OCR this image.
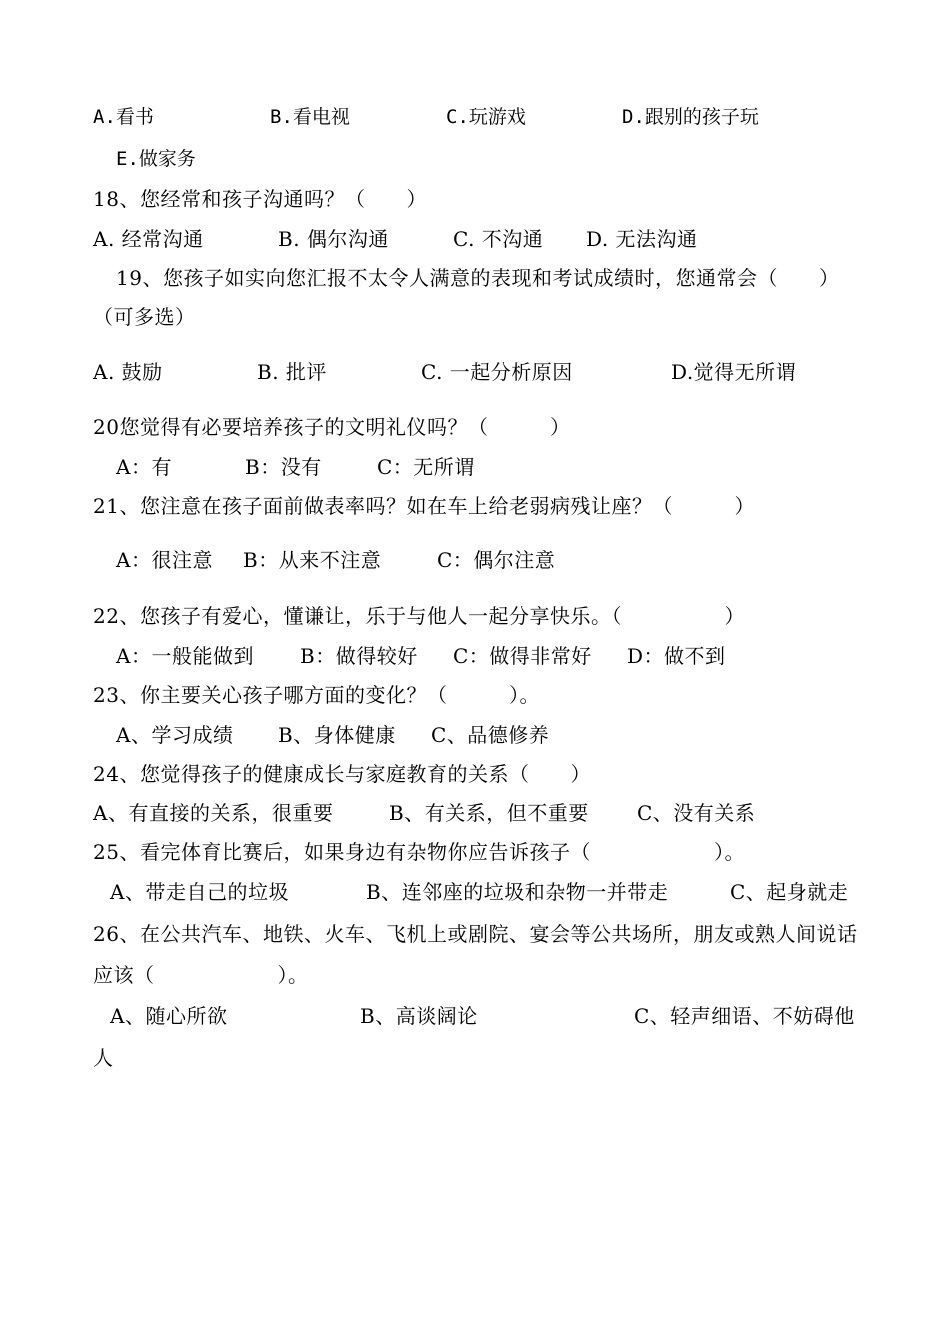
A.看书	B.看电视	C.玩游戏	D.跟别的孩子玩
E.做家务
18、您经常和孩子沟通吗？（　　）
A. 经常沟通	B. 偶尔沟通	C. 不沟通 D. 无法沟通
19、您孩子如实向您汇报不太令人满意的表现和考试成绩时，您通常会（　　）
（可多选）
A. 鼓励	B. 批评	C. 一起分析原因	D.觉得无所谓
20您觉得有必要培养孩子的文明礼仪吗？（　　　）
A：有	B：没有	C：无所谓
21、您注意在孩子面前做表率吗？如在车上给老弱病残让座？（　　　）
A：很注意 B：从来不注意	C：偶尔注意
22、您孩子有爱心，懂谦让，乐于与他人一起分享快乐。（　　　　　）
A：一般能做到 B：做得较好 C：做得非常好 D：做不到
23、你主要关心孩子哪方面的变化？（　　　）。
A、学习成绩 B、身体健康 C、品德修养
24、您觉得孩子的健康成长与家庭教育的关系（　　）
A、有直接的关系，很重要	B、有关系，但不重要 C、没有关系
25、看完体育比赛后，如果身边有杂物你应告诉孩子（　　　　　　）。
A、带走自己的垃圾	B、连邻座的垃圾和杂物一并带走	C、起身就走
26、在公共汽车、地铁、火车、飞机上或剧院、宴会等公共场所，朋友或熟人间说话
应该（　　　　　　）。
A、随心所欲	B、高谈阔论	C、轻声细语、不妨碍他
人
